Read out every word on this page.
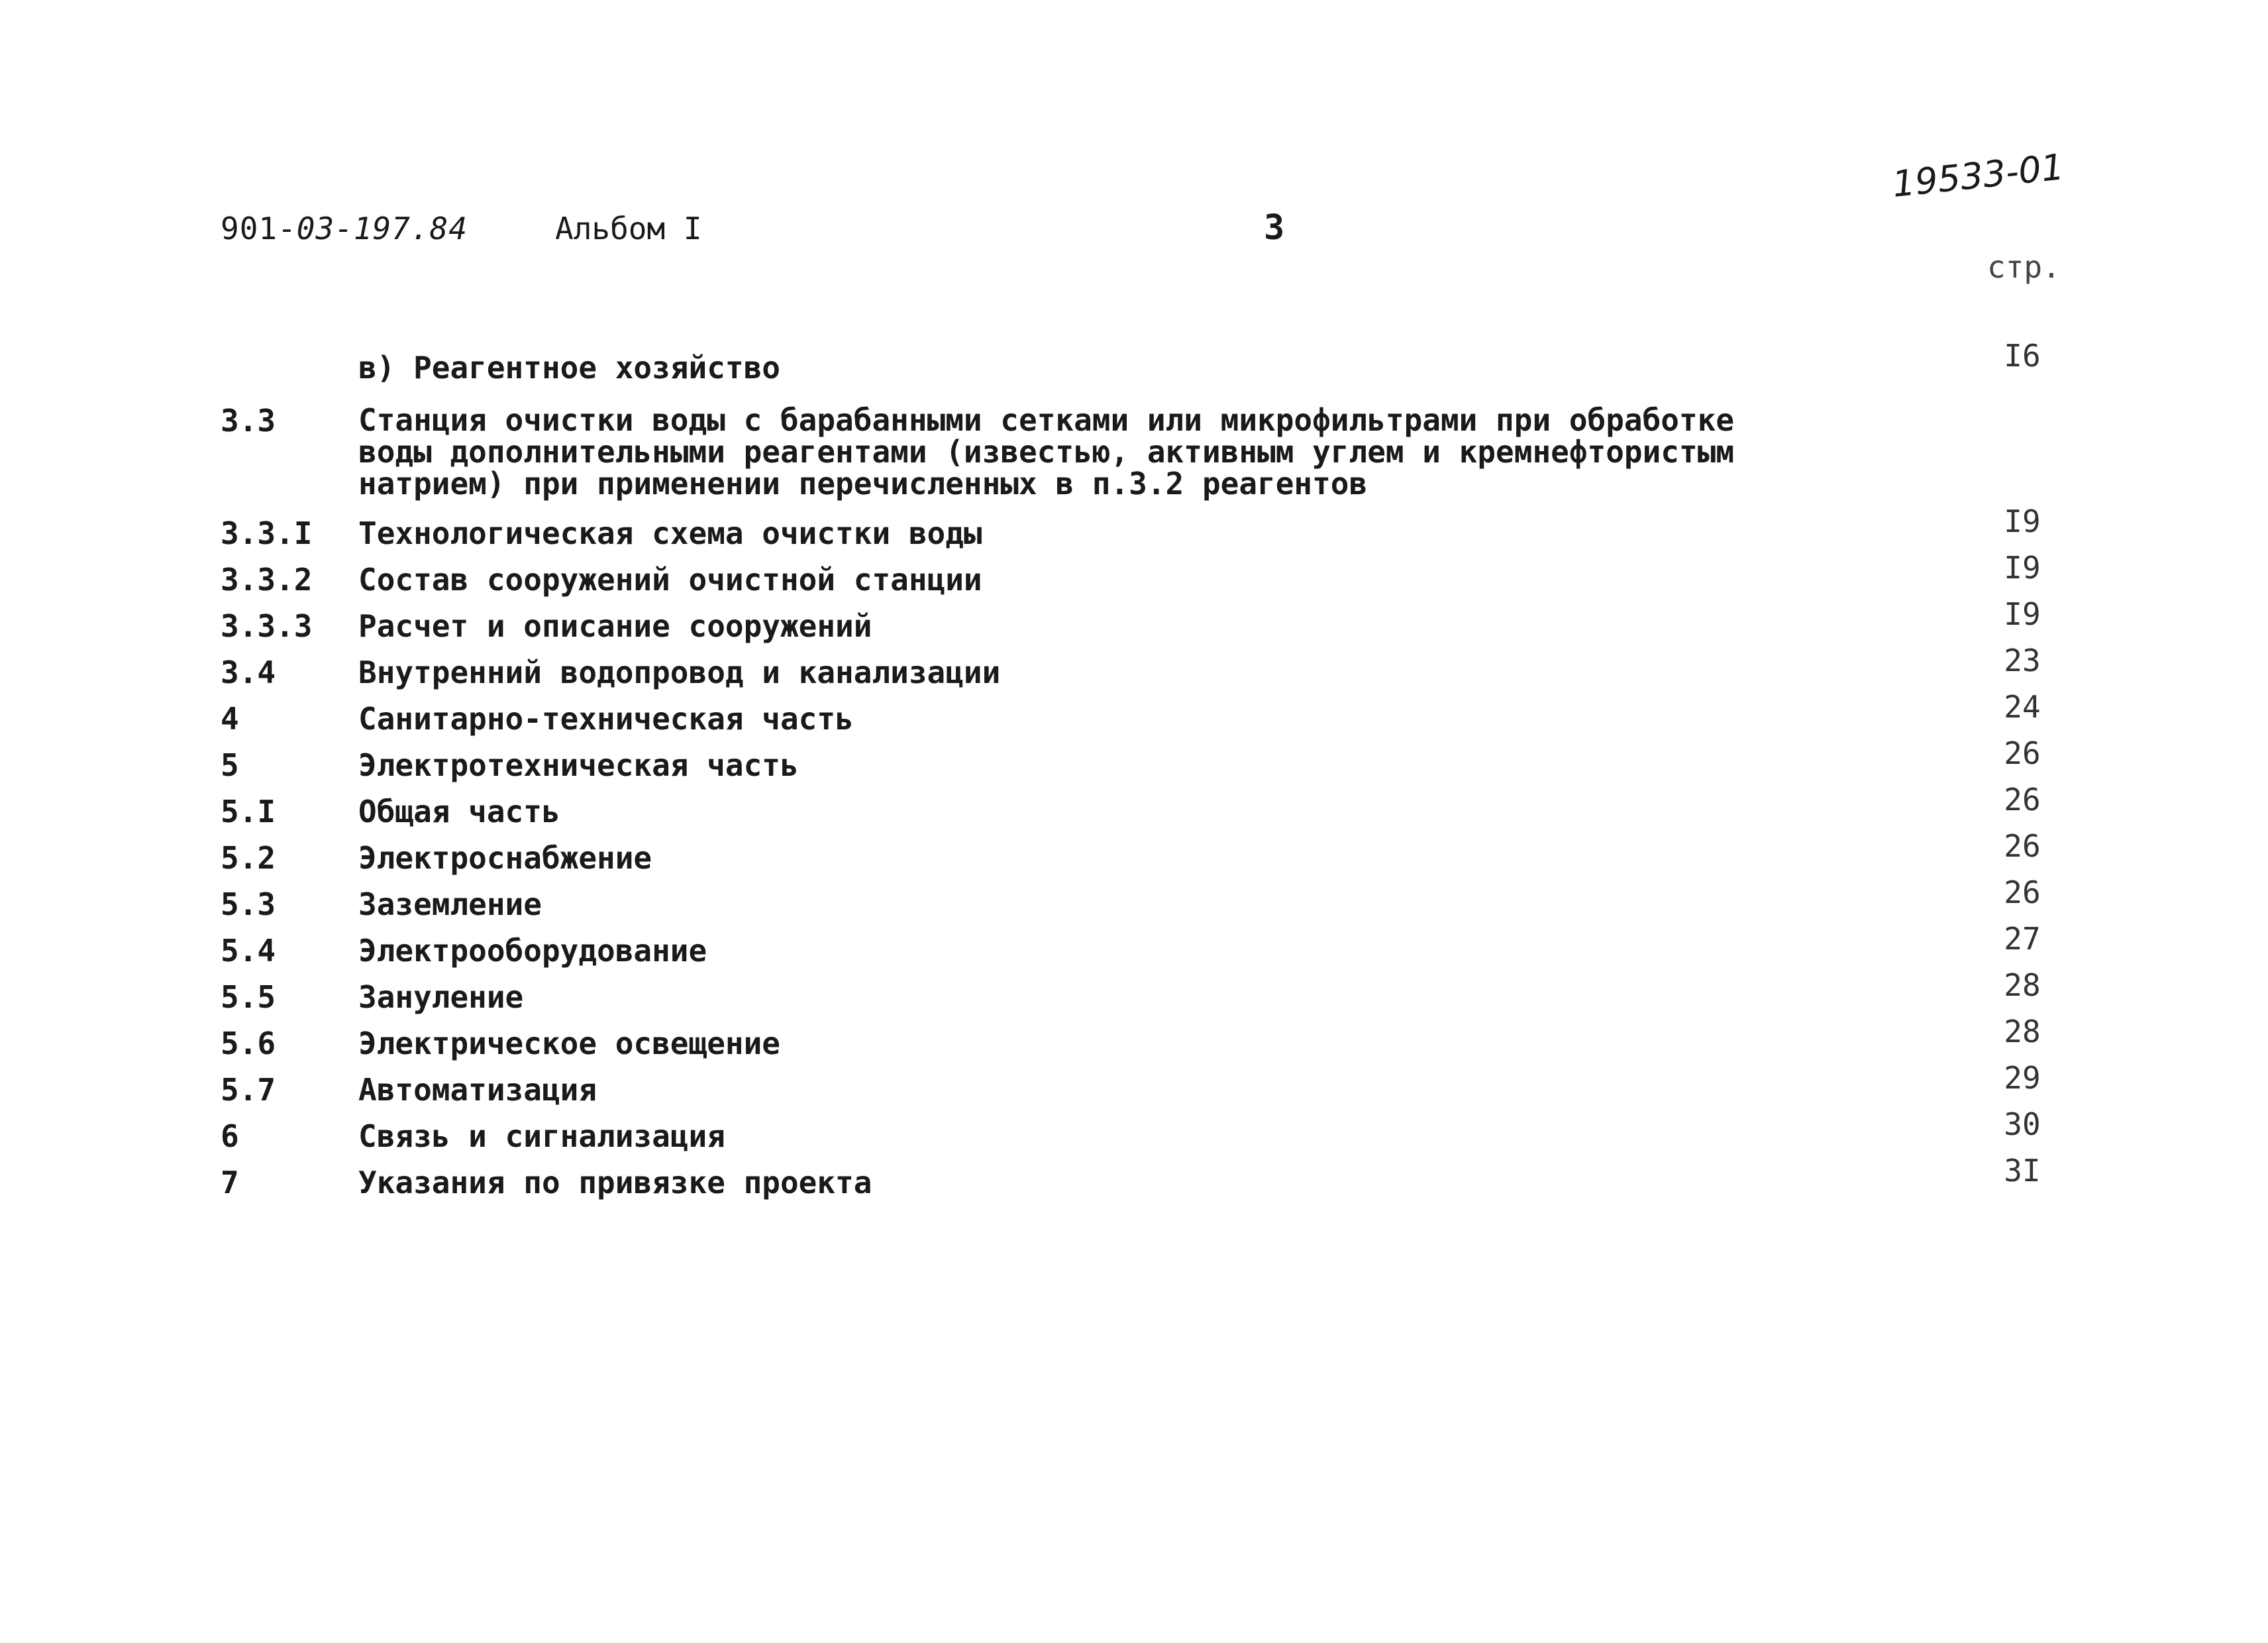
901-03-197.84	Альбом I	3
19533-01
стр.
в) Реагентное хозяйство	I6
3.3	Станция очистки воды с барабанными сетками или микрофильтрами при обработке
воды дополнительными реагентами (известью, активным углем и кремнефтористым
натрием) при применении перечисленных в п.3.2 реагентов
3.3.I	Технологическая схема очистки воды	I9
3.3.2	Состав сооружений очистной станции	I9
3.3.3	Расчет и описание сооружений	I9
3.4	Внутренний водопровод и канализации	23
4	Санитарно-техническая часть	24
5	Электротехническая часть	26
5.I	Общая часть	26
5.2	Электроснабжение	26
5.3	Заземление	26
5.4	Электрооборудование	27
5.5	Зануление	28
5.6	Электрическое освещение	28
5.7	Автоматизация	29
6	Связь и сигнализация	30
7	Указания по привязке проекта	3I
